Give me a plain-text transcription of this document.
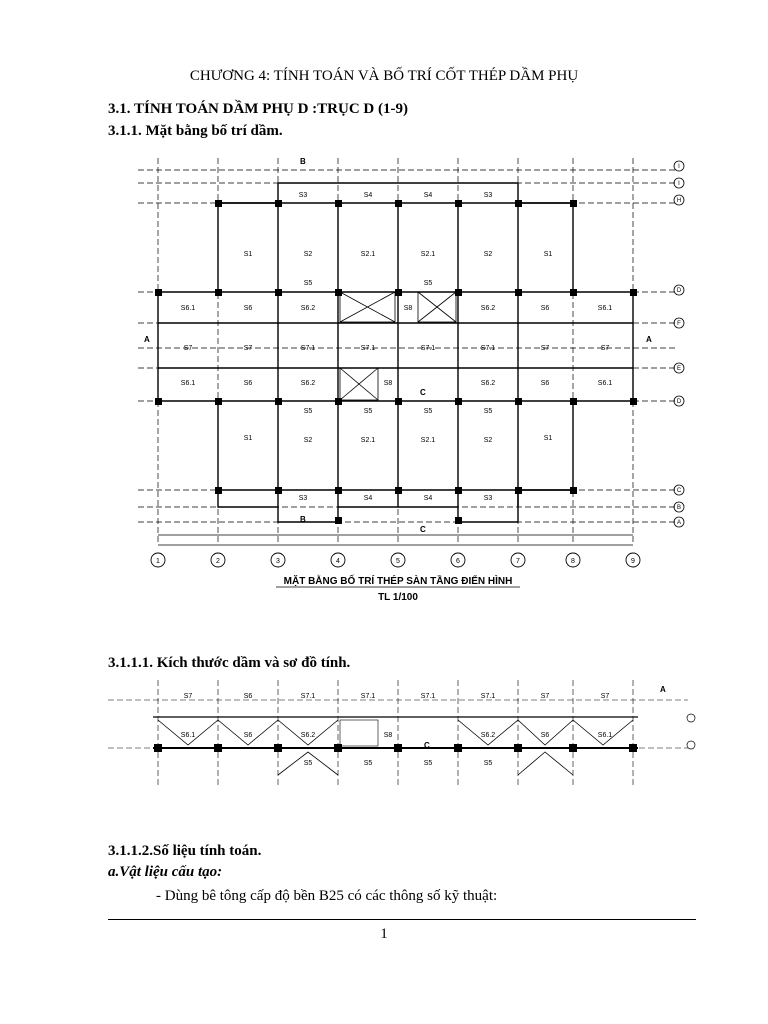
CHƯƠNG 4: TÍNH TOÁN VÀ BỐ TRÍ CỐT THÉP DẦM PHỤ
3.1. TÍNH TOÁN DẦM PHỤ D :TRỤC D (1-9)
3.1.1. Mặt bằng bố trí dầm.
S3	S4	S4	S3
S1	S2	S2.1	S2.1	S2	S1
S5	S5
S6.1	S6	S6.2	S8	S6.2	S6	S6.1
S7	S7	S7.1	S7.1	S7.1	S7.1	S7	S7
S6.1	S6	S6.2	S8	S6.2	S6	S6.1
S5	S5	S5	S5
S1	S2	S2.1	S2.1	S2	S1
S3	S4	S4	S3
B
B
A	A
C
C
I
I
H
D
F
E
D
C
B
A
1	2	3	4	5	6	7	8	9
MẶT BẰNG BỐ TRÍ THÉP SÀN TẦNG ĐIỂN HÌNH
TL 1/100
3.1.1.1. Kích thước dầm và sơ đồ tính.
S7	S6	S7.1	S7.1	S7.1	S7.1	S7	S7
S6.1	S6	S6.2	S8	S6.2	S6	S6.1
S5	S5	S5	S5
A
C
3.1.1.2.Số liệu tính toán.
a.Vật liệu cấu tạo:
- Dùng bê tông cấp độ bền B25 có các thông số kỹ thuật:
1
